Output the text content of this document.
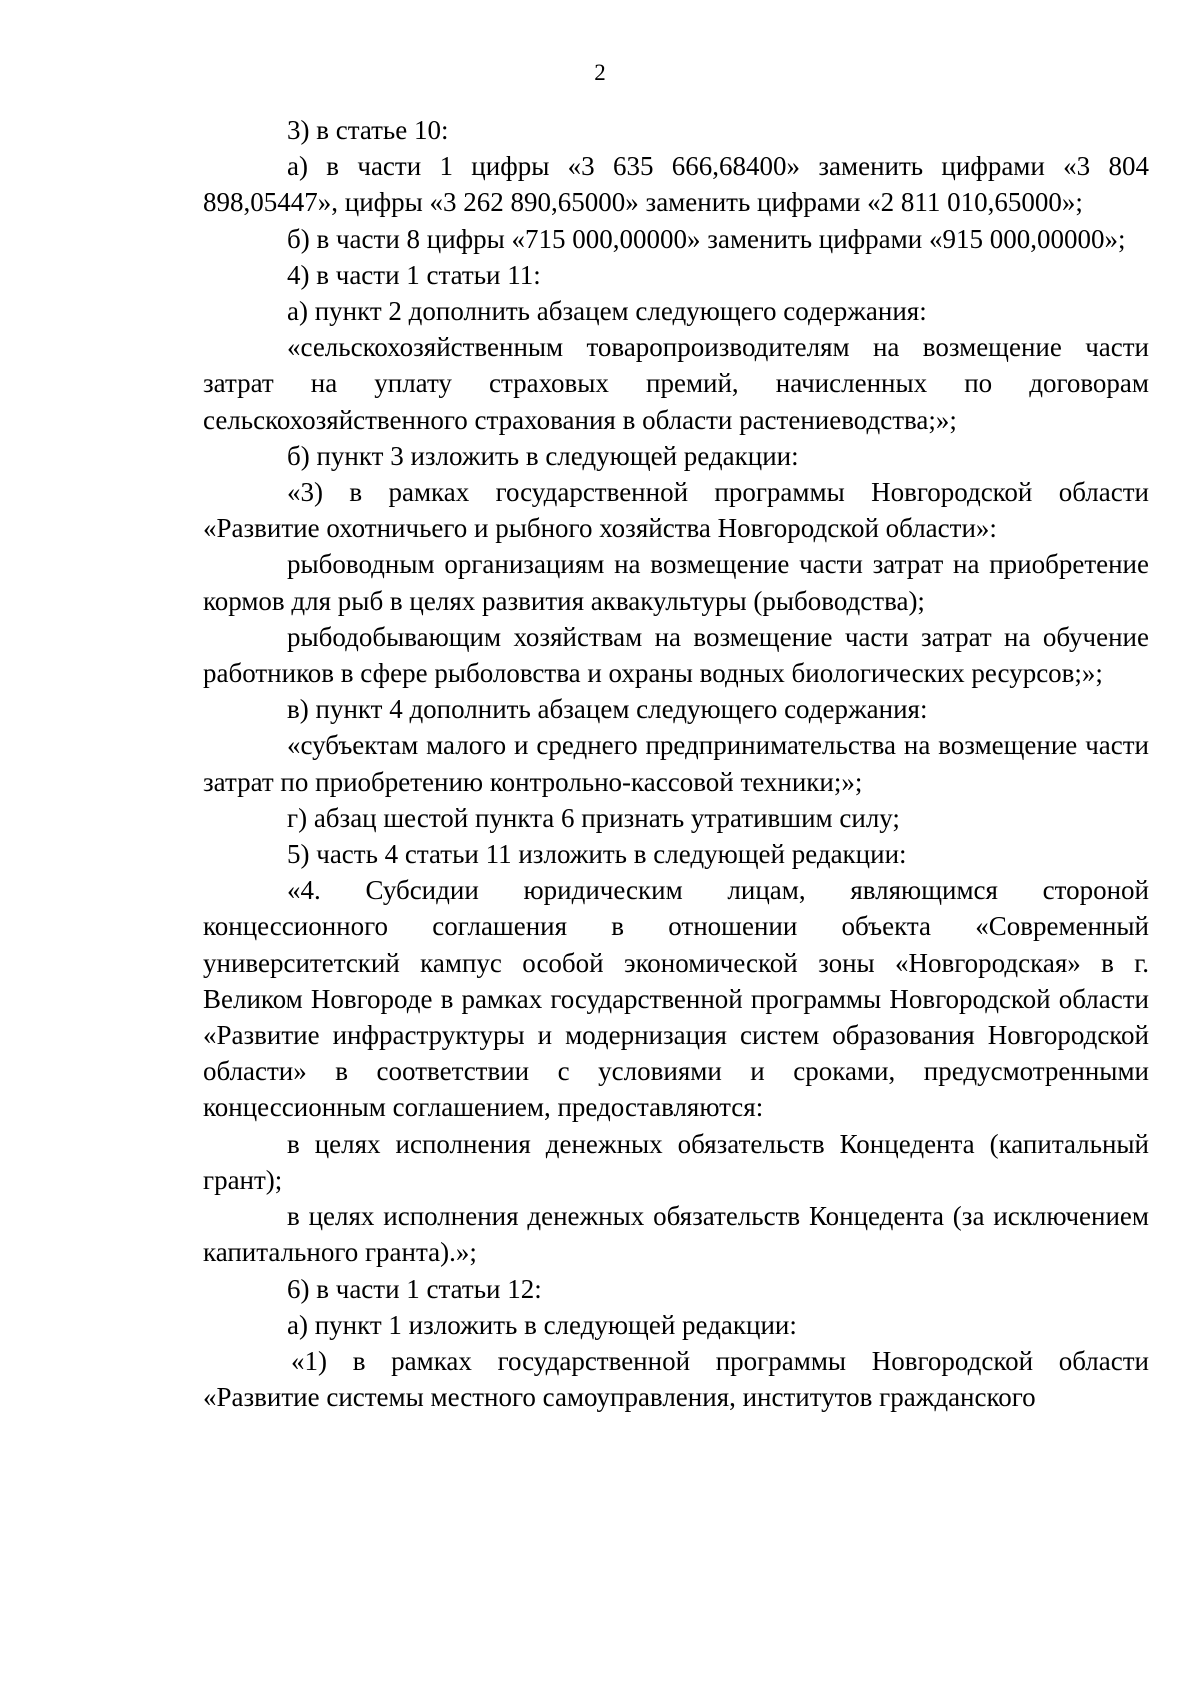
2

3) в статье 10:

а) в части 1 цифры «3 635 666,68400» заменить цифрами «3 804 898,05447», цифры «3 262 890,65000» заменить цифрами «2 811 010,65000»;

б) в части 8 цифры «715 000,00000» заменить цифрами «915 000,00000»;

4) в части 1 статьи 11:

а) пункт 2 дополнить абзацем следующего содержания:

«сельскохозяйственным товаропроизводителям на возмещение части затрат на уплату страховых премий, начисленных по договорам сельскохозяйственного страхования в области растениеводства;»;

б) пункт 3 изложить в следующей редакции:

«3) в рамках государственной программы Новгородской области «Развитие охотничьего и рыбного хозяйства Новгородской области»:

рыбоводным организациям на возмещение части затрат на приобретение кормов для рыб в целях развития аквакультуры (рыбоводства);

рыбодобывающим хозяйствам на возмещение части затрат на обучение работников в сфере рыболовства и охраны водных биологических ресурсов;»;

в) пункт 4 дополнить абзацем следующего содержания:

«субъектам малого и среднего предпринимательства на возмещение части затрат по приобретению контрольно-кассовой техники;»;

г) абзац шестой пункта 6 признать утратившим силу;

5) часть 4 статьи 11 изложить в следующей редакции:

«4. Субсидии юридическим лицам, являющимся стороной концессионного соглашения в отношении объекта «Современный университетский кампус особой экономической зоны «Новгородская» в г. Великом Новгороде в рамках государственной программы Новгородской области «Развитие инфраструктуры и модернизация систем образования Новгородской области» в соответствии с условиями и сроками, предусмотренными концессионным соглашением, предоставляются:

в целях исполнения денежных обязательств Концедента (капитальный грант);

в целях исполнения денежных обязательств Концедента (за исключением капитального гранта).»;

6) в части 1 статьи 12:

а) пункт 1 изложить в следующей редакции:

«1) в рамках государственной программы Новгородской области «Развитие системы местного самоуправления, институтов гражданского
